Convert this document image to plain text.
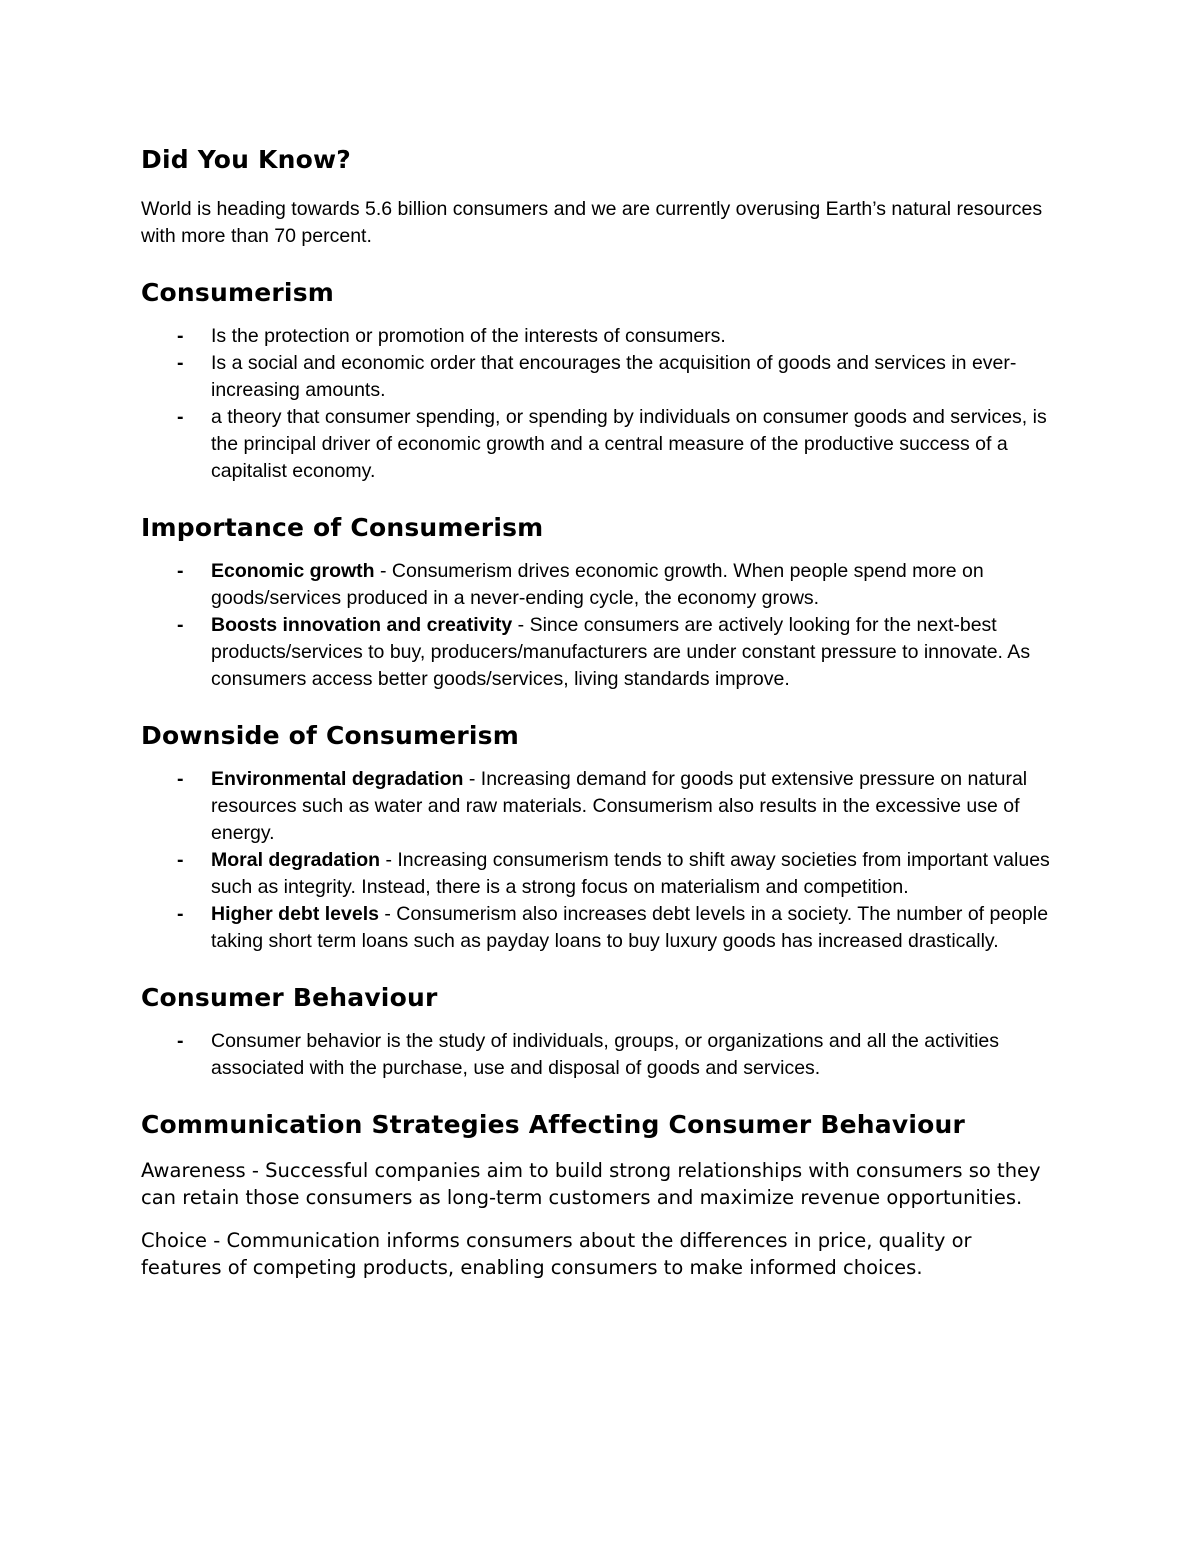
Did You Know?

World is heading towards 5.6 billion consumers and we are currently overusing Earth’s natural resources with more than 70 percent.

Consumerism
- Is the protection or promotion of the interests of consumers.
- Is a social and economic order that encourages the acquisition of goods and services in ever-increasing amounts.
- a theory that consumer spending, or spending by individuals on consumer goods and services, is the principal driver of economic growth and a central measure of the productive success of a capitalist economy.
Importance of Consumerism
- Economic growth - Consumerism drives economic growth. When people spend more on goods/services produced in a never-ending cycle, the economy grows.
- Boosts innovation and creativity - Since consumers are actively looking for the next-best products/services to buy, producers/manufacturers are under constant pressure to innovate. As consumers access better goods/services, living standards improve.
Downside of Consumerism
- Environmental degradation - Increasing demand for goods put extensive pressure on natural resources such as water and raw materials. Consumerism also results in the excessive use of energy.
- Moral degradation - Increasing consumerism tends to shift away societies from important values such as integrity. Instead, there is a strong focus on materialism and competition.
- Higher debt levels - Consumerism also increases debt levels in a society. The number of people taking short term loans such as payday loans to buy luxury goods has increased drastically.
Consumer Behaviour
- Consumer behavior is the study of individuals, groups, or organizations and all the activities associated with the purchase, use and disposal of goods and services.
Communication Strategies Affecting Consumer Behaviour

Awareness - Successful companies aim to build strong relationships with consumers so they can retain those consumers as long-term customers and maximize revenue opportunities.

Choice - Communication informs consumers about the differences in price, quality or features of competing products, enabling consumers to make informed choices.
